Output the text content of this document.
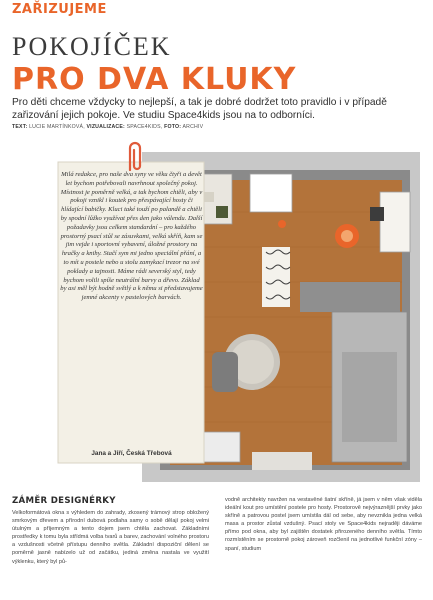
ZAŘIZUJEME
POKOJÍČEK
PRO DVA KLUKY
Pro děti chceme vždycky to nejlepší, a tak je dobré dodržet toto pravidlo i v případě zařizování jejich pokoje. Ve studiu Space4kids jsou na to odborníci.
TEXT: LUCIE MARTÍNKOVÁ, VIZUALIZACE: SPACE4KIDS, FOTO: ARCHIV
Milá redakce, pro naše dva syny ve věku čtyři a devět let bychom potřebovali navrhnout společný pokoj. Místnost je poměrně velká, a tak bychom chtěli, aby v pokoji vznikl i koutek pro přespávající hosty či hlídající babičky. Kluci také touží po palandě a chtěli by spodní lůžko využívat přes den jako válendu. Další požadavky jsou celkem standardní – pro každého prostorný psací stůl se zásuvkami, velká skříň, kam se jim vejde i sportovní vybavení, úložné prostory na hračky a knihy. Stačí sym mi jedno speciální přání, a to mít u postele nebo u stolu zamykací trezor na své poklady a tajnosti. Máme rádi severský styl, tedy bychom volili spíše neutrální barvy a dřevo. Základ by asi měl být hodně světlý a k němu si představujeme jemné akcenty v pastelových barvách.
Jana a Jiří, Česká Třebová
ZÁMĚR DESIGNÉRKY
Velkoformátová okna s výhledem do zahrady, zkosený trámový strop obložený smrkovým dřevem a přírodní dubová podlaha samy o sobě dělají pokoj velmi útulným a příjemným a tento dojem jsem chtěla zachovat. Základními prostředky k tomu byla střídmá volba tvarů a barev, zachování volného prostoru a vzdušnosti včetně přístupu denního světla. Základní dispoziční dělení se poměrně jasně nabízelo už od začátku, jediná změna nastala ve využití výklenku, který byl pů-
vodně architekty navržen na vestavěné šatní skříně, já jsem v něm však viděla ideální kout pro umístění postele pro hosty. Prostorově nejvýraznější prvky jako skříně a patrovou postel jsem umístila dál od sebe, aby nevznikla jedna velká masa a prostor zůstal vzdušný. Psací stoly ve Space4kids nejraději dáváme přímo pod okna, aby byl zajištěn dostatek přirozeného denního světla. Tímto rozmístěním se prostorně pokoj zároveň rozčlenil na jednotlivé funkční zóny – spaní, studium
